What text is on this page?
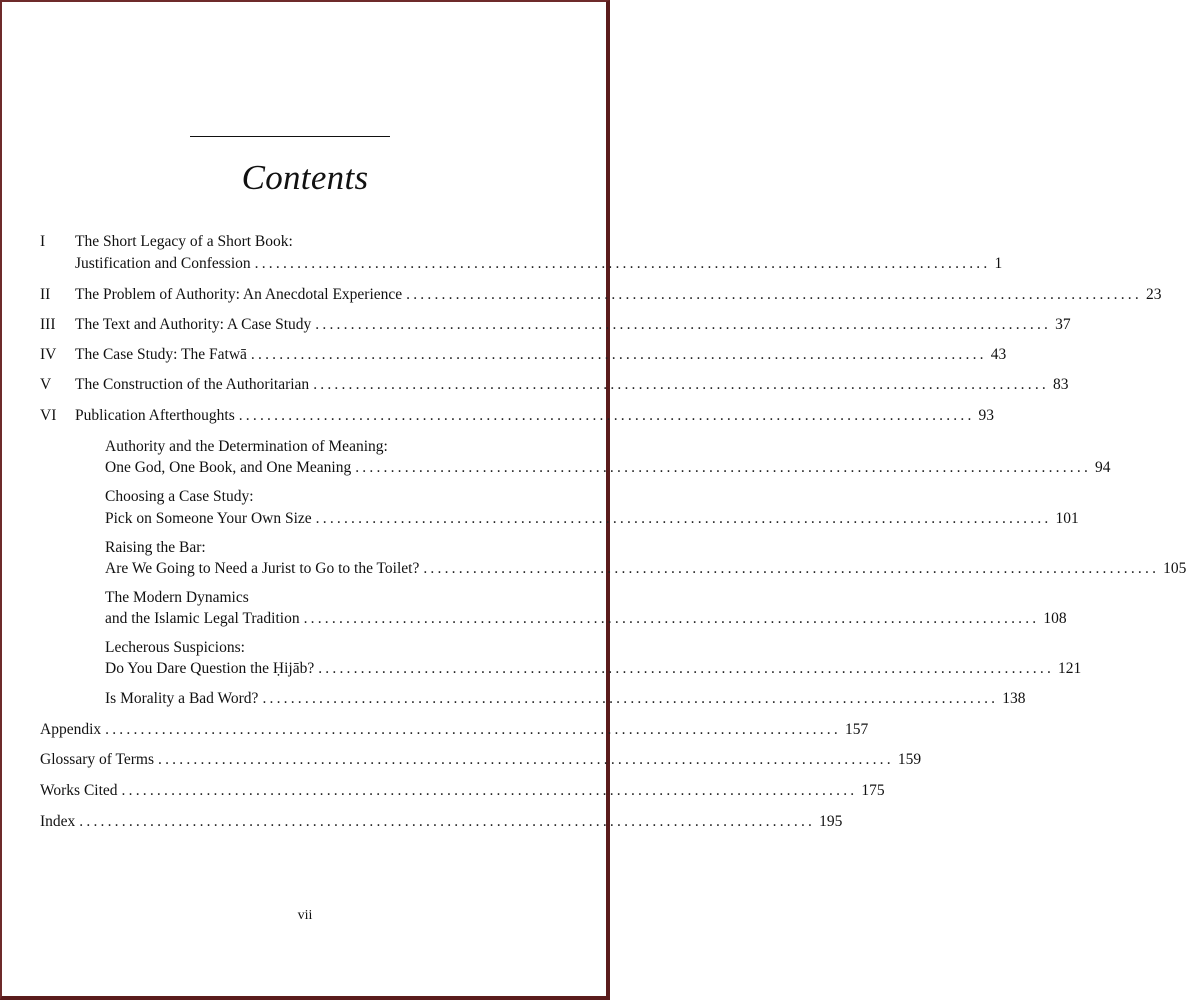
Contents
I The Short Legacy of a Short Book:
Justification and Confession ........................................................................................................ 1
II The Problem of Authority: An Anecdotal Experience ........................................................................................................ 23
III The Text and Authority: A Case Study ........................................................................................................ 37
IV The Case Study: The Fatwā ........................................................................................................ 43
V The Construction of the Authoritarian ........................................................................................................ 83
VI Publication Afterthoughts ........................................................................................................ 93
Authority and the Determination of Meaning:
One God, One Book, and One Meaning ........................................................................................................ 94
Choosing a Case Study:
Pick on Someone Your Own Size ........................................................................................................ 101
Raising the Bar:
Are We Going to Need a Jurist to Go to the Toilet? ........................................................................................................ 105
The Modern Dynamics
and the Islamic Legal Tradition ........................................................................................................ 108
Lecherous Suspicions:
Do You Dare Question the Ḥijāb? ........................................................................................................ 121
Is Morality a Bad Word? ........................................................................................................ 138
Appendix ........................................................................................................ 157
Glossary of Terms ........................................................................................................ 159
Works Cited ........................................................................................................ 175
Index ........................................................................................................ 195
vii
